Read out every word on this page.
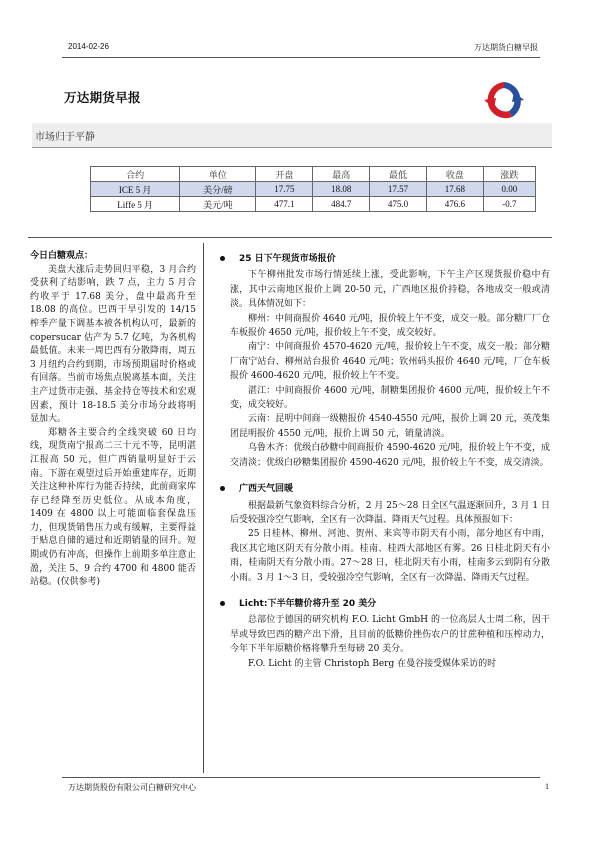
2014-02-26	万达期货白糖早报
万达期货早报
市场归于平静
合约	单位	开盘	最高	最低	收盘	涨跌
ICE 5 月	美分/磅	17.75	18.08	17.57	17.68	0.00
Liffe 5 月	美元/吨	477.1	484.7	475.0	476.6	-0.7
今日白糖观点：

美盘大涨后走势回归平稳，3 月合约受获利了结影响，跌 7 点，主力 5 月合约收平于 17.68 美分，盘中最高升至 18.08 的高位。巴西干旱引发的 14/15 榨季产量下调基本被各机构认可，最新的 copersucar 估产为 5.7 亿吨，为各机构最低值。未来一周巴西有分散降雨，周五 3 月纽约合约到期，市场预期届时价格或有回落。当前市场焦点脱离基本面，关注主产过货市走强、基金持仓等技术和宏观因素，预计 18-18.5 美分市场分歧将明显加大。

郑糖各主要合约全线突破 60 日均线，现货南宁报高二三十元不等，昆明湛江报高 50 元，但广西销量明显好于云南。下游在观望过后开始重建库存，近期关注这种补库行为能否持续，此前商家库存已经降至历史低位。从成本角度，1409 在 4800 以上可能面临套保盘压力，但现货销售压力或有缓解，主要得益于贴息自储的通过和近期销量的回升。短期或仍有冲高，但操作上前期多单注意止盈，关注 5、9 合约 4700 和 4800 能否站稳。(仅供参考)

25 日下午现货市场报价

下午柳州批发市场行情延续上涨，受此影响，下午主产区现货报价稳中有涨，其中云南地区报价上调 20-50 元，广西地区报价持稳，各地成交一般或清淡。具体情况如下：

柳州：中间商报价 4640 元/吨，报价较上午不变，成交一般。部分糖厂厂仓车板报价 4650 元/吨，报价较上午不变，成交较好。

南宁：中间商报价 4570-4620 元/吨，报价较上午不变，成交一般；部分糖厂南宁站台、柳州站台报价 4640 元/吨；钦州码头报价 4640 元/吨，厂仓车板报价 4600-4620 元/吨，报价较上午不变。

湛江：中间商报价 4600 元/吨，制糖集团报价 4600 元/吨，报价较上午不变，成交较好。

云南：昆明中间商一级糖报价 4540-4550 元/吨，报价上调 20 元，英茂集团昆明报价 4550 元/吨，报价上调 50 元，销量清淡。

乌鲁木齐：优级白砂糖中间商报价 4590-4620 元/吨，报价较上午不变，成交清淡；优级白砂糖集团报价 4590-4620 元/吨，报价较上午不变，成交清淡。

广西天气回暖

根据最新气象资料综合分析，2 月 25～28 日全区气温逐渐回升，3 月 1 日后受较强冷空气影响，全区有一次降温、降雨天气过程。具体预报如下：

25 日桂林、柳州、河池、贺州、来宾等市阴天有小雨，部分地区有中雨，我区其它地区阴天有分散小雨。桂南、桂西大部地区有雾。26 日桂北阴天有小雨，桂南阴天有分散小雨。27～28 日，桂北阴天有小雨，桂南多云到阴有分散小雨。3 月 1～3 日，受较强冷空气影响，全区有一次降温、降雨天气过程。

Licht:下半年糖价将升至 20 美分

总部位于德国的研究机构 F.O. Licht GmbH 的一位高层人士周二称，因干旱或导致巴西的糖产出下滑，且目前的低糖价挫伤农户的甘蔗种植和压榨动力，今年下半年原糖价格将攀升至每磅 20 美分。

F.O. Licht 的主管 Christoph Berg 在曼谷接受媒体采访的时

万达期货股份有限公司白糖研究中心	1
